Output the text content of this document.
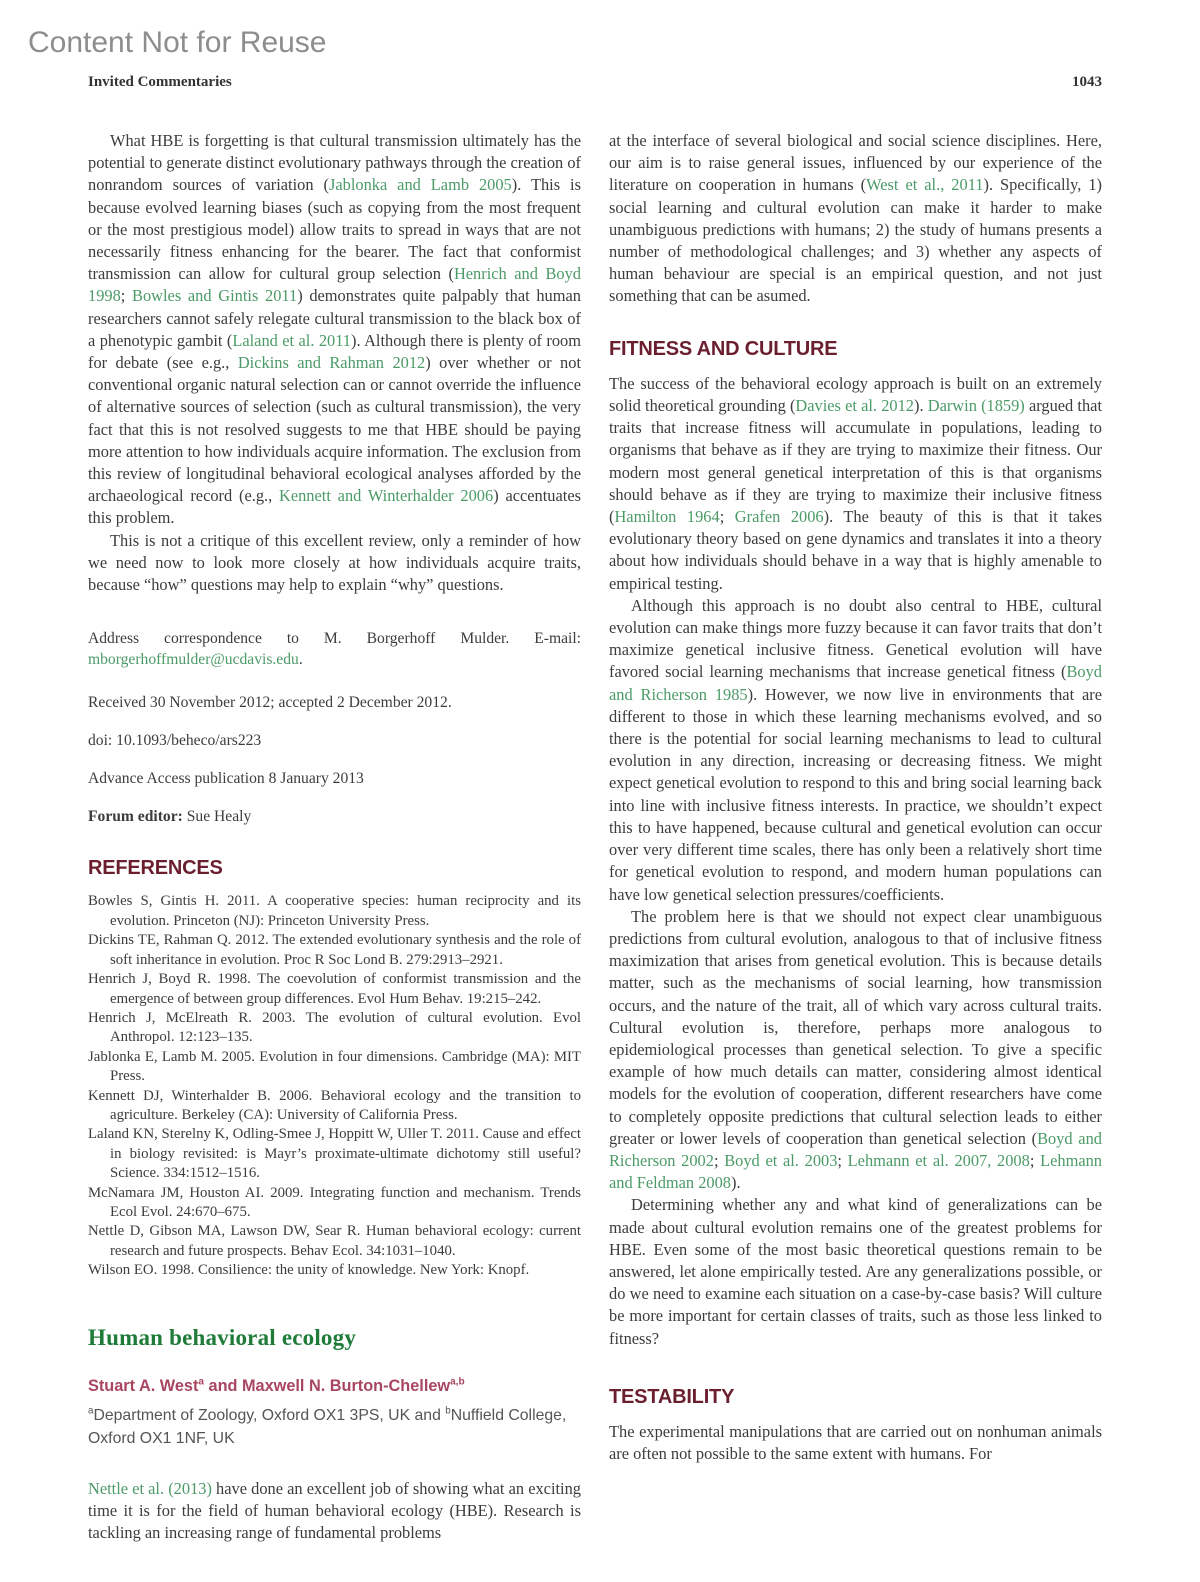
Content Not for Reuse
Invited Commentaries	1043

What HBE is forgetting is that cultural transmission ultimately has the potential to generate distinct evolutionary pathways through the creation of nonrandom sources of variation (Jablonka and Lamb 2005). This is because evolved learning biases (such as copying from the most frequent or the most prestigious model) allow traits to spread in ways that are not necessarily fitness enhancing for the bearer. The fact that conformist transmission can allow for cultural group selection (Henrich and Boyd 1998; Bowles and Gintis 2011) demonstrates quite palpably that human researchers cannot safely relegate cultural transmission to the black box of a phenotypic gambit (Laland et al. 2011). Although there is plenty of room for debate (see e.g., Dickins and Rahman 2012) over whether or not conventional organic natural selection can or cannot override the influence of alternative sources of selection (such as cultural transmission), the very fact that this is not resolved suggests to me that HBE should be paying more attention to how individuals acquire information. The exclusion from this review of longitudinal behavioral ecological analyses afforded by the archaeological record (e.g., Kennett and Winterhalder 2006) accentuates this problem.

This is not a critique of this excellent review, only a reminder of how we need now to look more closely at how individuals acquire traits, because “how” questions may help to explain “why” questions.

Address correspondence to M. Borgerhoff Mulder. E-mail: mborgerhoffmulder@ucdavis.edu.

Received 30 November 2012; accepted 2 December 2012.

doi: 10.1093/beheco/ars223

Advance Access publication 8 January 2013

Forum editor: Sue Healy

REFERENCES

Bowles S, Gintis H. 2011. A cooperative species: human reciprocity and its evolution. Princeton (NJ): Princeton University Press.

Dickins TE, Rahman Q. 2012. The extended evolutionary synthesis and the role of soft inheritance in evolution. Proc R Soc Lond B. 279:2913–2921.

Henrich J, Boyd R. 1998. The coevolution of conformist transmission and the emergence of between group differences. Evol Hum Behav. 19:215–242.

Henrich J, McElreath R. 2003. The evolution of cultural evolution. Evol Anthropol. 12:123–135.

Jablonka E, Lamb M. 2005. Evolution in four dimensions. Cambridge (MA): MIT Press.

Kennett DJ, Winterhalder B. 2006. Behavioral ecology and the transition to agriculture. Berkeley (CA): University of California Press.

Laland KN, Sterelny K, Odling-Smee J, Hoppitt W, Uller T. 2011. Cause and effect in biology revisited: is Mayr’s proximate-ultimate dichotomy still useful? Science. 334:1512–1516.

McNamara JM, Houston AI. 2009. Integrating function and mechanism. Trends Ecol Evol. 24:670–675.

Nettle D, Gibson MA, Lawson DW, Sear R. Human behavioral ecology: current research and future prospects. Behav Ecol. 34:1031–1040.

Wilson EO. 1998. Consilience: the unity of knowledge. New York: Knopf.

Human behavioral ecology

Stuart A. West$^a$ and Maxwell N. Burton-Chellew$^{a,b}$

$^a$Department of Zoology, Oxford OX1 3PS, UK and $^b$Nuffield College, Oxford OX1 1NF, UK

Nettle et al. (2013) have done an excellent job of showing what an exciting time it is for the field of human behavioral ecology (HBE). Research is tackling an increasing range of fundamental problems

at the interface of several biological and social science disciplines. Here, our aim is to raise general issues, influenced by our experience of the literature on cooperation in humans (West et al., 2011). Specifically, 1) social learning and cultural evolution can make it harder to make unambiguous predictions with humans; 2) the study of humans presents a number of methodological challenges; and 3) whether any aspects of human behaviour are special is an empirical question, and not just something that can be asumed.

FITNESS AND CULTURE

The success of the behavioral ecology approach is built on an extremely solid theoretical grounding (Davies et al. 2012). Darwin (1859) argued that traits that increase fitness will accumulate in populations, leading to organisms that behave as if they are trying to maximize their fitness. Our modern most general genetical interpretation of this is that organisms should behave as if they are trying to maximize their inclusive fitness (Hamilton 1964; Grafen 2006). The beauty of this is that it takes evolutionary theory based on gene dynamics and translates it into a theory about how individuals should behave in a way that is highly amenable to empirical testing.

Although this approach is no doubt also central to HBE, cultural evolution can make things more fuzzy because it can favor traits that don’t maximize genetical inclusive fitness. Genetical evolution will have favored social learning mechanisms that increase genetical fitness (Boyd and Richerson 1985). However, we now live in environments that are different to those in which these learning mechanisms evolved, and so there is the potential for social learning mechanisms to lead to cultural evolution in any direction, increasing or decreasing fitness. We might expect genetical evolution to respond to this and bring social learning back into line with inclusive fitness interests. In practice, we shouldn’t expect this to have happened, because cultural and genetical evolution can occur over very different time scales, there has only been a relatively short time for genetical evolution to respond, and modern human populations can have low genetical selection pressures/coefficients.

The problem here is that we should not expect clear unambiguous predictions from cultural evolution, analogous to that of inclusive fitness maximization that arises from genetical evolution. This is because details matter, such as the mechanisms of social learning, how transmission occurs, and the nature of the trait, all of which vary across cultural traits. Cultural evolution is, therefore, perhaps more analogous to epidemiological processes than genetical selection. To give a specific example of how much details can matter, considering almost identical models for the evolution of cooperation, different researchers have come to completely opposite predictions that cultural selection leads to either greater or lower levels of cooperation than genetical selection (Boyd and Richerson 2002; Boyd et al. 2003; Lehmann et al. 2007, 2008; Lehmann and Feldman 2008).

Determining whether any and what kind of generalizations can be made about cultural evolution remains one of the greatest problems for HBE. Even some of the most basic theoretical questions remain to be answered, let alone empirically tested. Are any generalizations possible, or do we need to examine each situation on a case-by-case basis? Will culture be more important for certain classes of traits, such as those less linked to fitness?

TESTABILITY

The experimental manipulations that are carried out on nonhuman animals are often not possible to the same extent with humans. For
